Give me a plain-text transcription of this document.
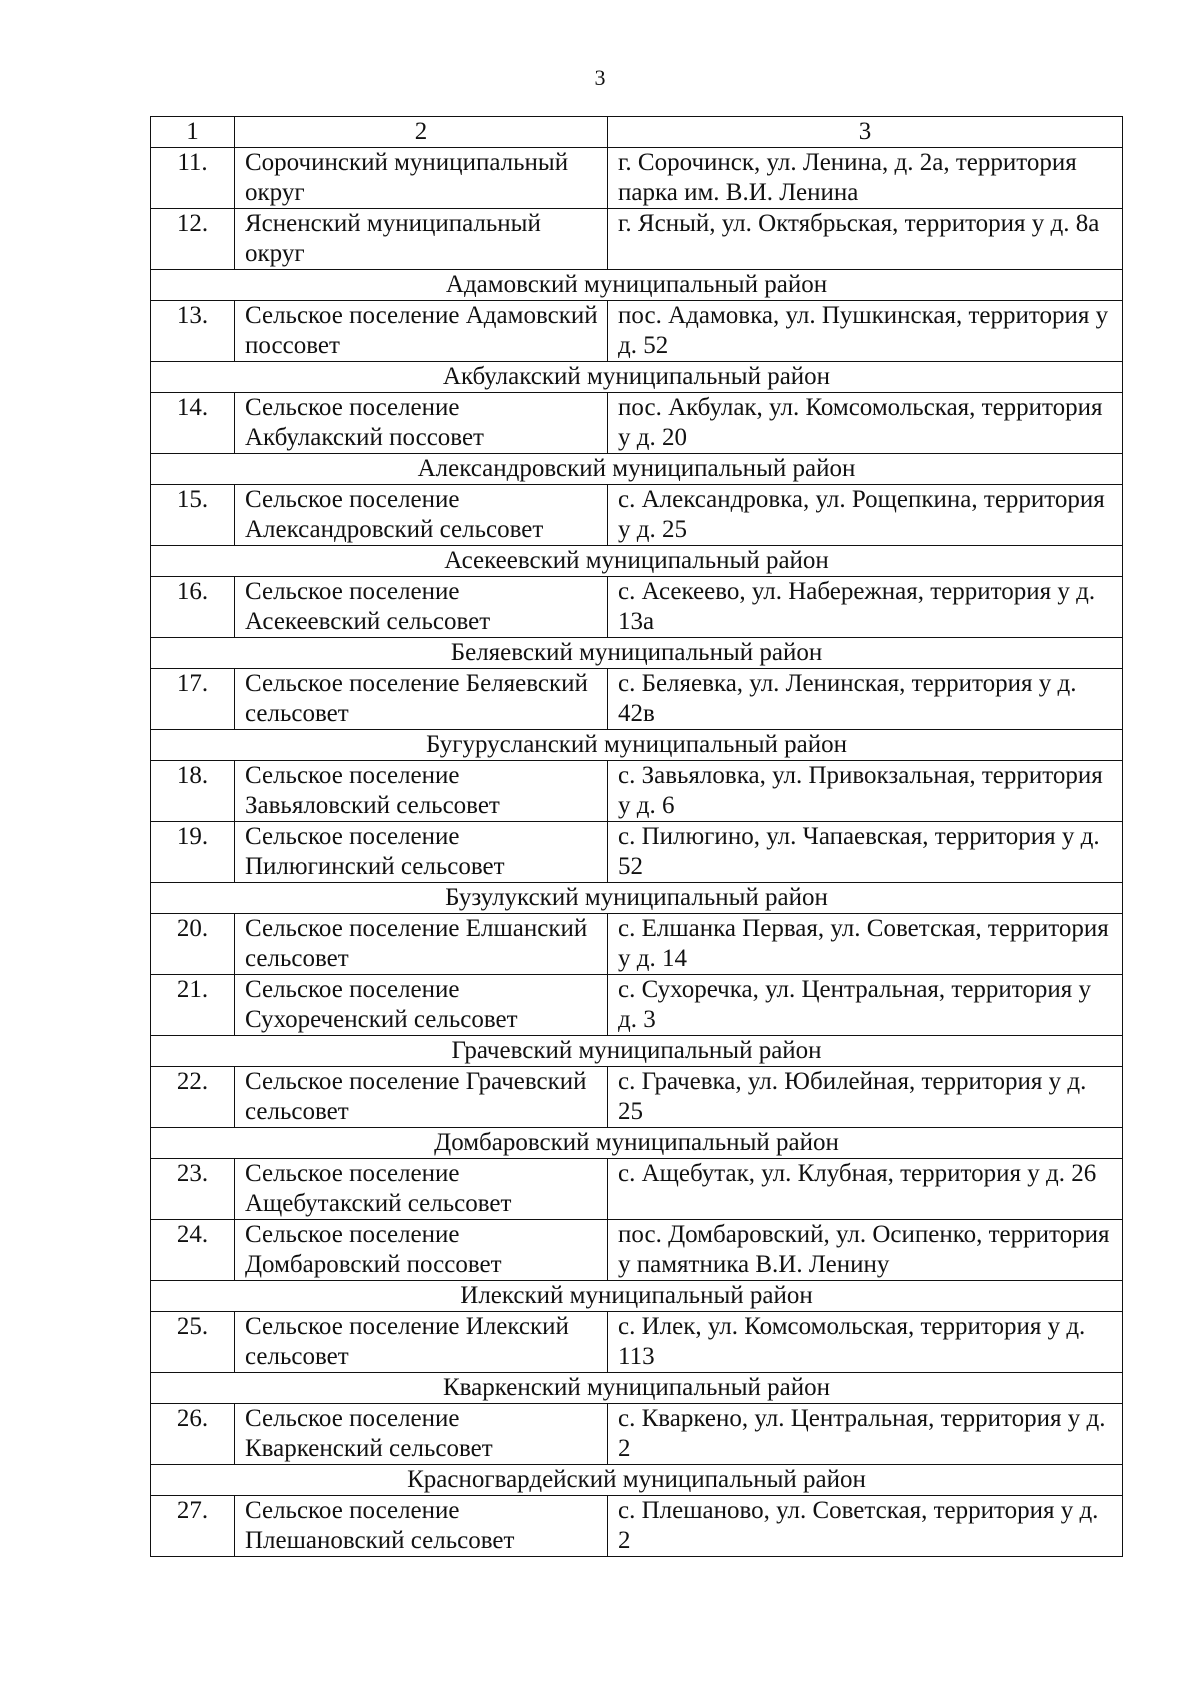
3
1	2	3
11.	Сорочинский муниципальный округ	г. Сорочинск, ул. Ленина, д. 2а, территория парка им. В.И. Ленина
12.	Ясненский муниципальный округ	г. Ясный, ул. Октябрьская, территория у д. 8а
Адамовский муниципальный район		
13.	Сельское поселение Адамовский поссовет	пос. Адамовка, ул. Пушкинская, территория у д. 52
Акбулакский муниципальный район		
14.	Сельское поселение Акбулакский поссовет	пос. Акбулак, ул. Комсомольская, территория у д. 20
Александровский муниципальный район		
15.	Сельское поселение Александровский сельсовет	с. Александровка, ул. Рощепкина, территория у д. 25
Асекеевский муниципальный район		
16.	Сельское поселение Асекеевский сельсовет	с. Асекеево, ул. Набережная, территория у д. 13а
Беляевский муниципальный район		
17.	Сельское поселение Беляевский сельсовет	с. Беляевка, ул. Ленинская, территория у д. 42в
Бугурусланский муниципальный район		
18.	Сельское поселение Завьяловский сельсовет	с. Завьяловка, ул. Привокзальная, территория у д. 6
19.	Сельское поселение Пилюгинский сельсовет	с. Пилюгино, ул. Чапаевская, территория у д. 52
Бузулукский муниципальный район		
20.	Сельское поселение Елшанский сельсовет	с. Елшанка Первая, ул. Советская, территория у д. 14
21.	Сельское поселение Сухореченский сельсовет	с. Сухоречка, ул. Центральная, территория у д. 3
Грачевский муниципальный район		
22.	Сельское поселение Грачевский сельсовет	с. Грачевка, ул. Юбилейная, территория у д. 25
Домбаровский муниципальный район		
23.	Сельское поселение Ащебутакский сельсовет	с. Ащебутак, ул. Клубная, территория у д. 26
24.	Сельское поселение Домбаровский поссовет	пос. Домбаровский, ул. Осипенко, территория у памятника В.И. Ленину
Илекский муниципальный район		
25.	Сельское поселение Илекский сельсовет	с. Илек, ул. Комсомольская, территория у д. 113
Кваркенский муниципальный район		
26.	Сельское поселение Кваркенский сельсовет	с. Кваркено, ул. Центральная, территория у д. 2
Красногвардейский муниципальный район		
27.	Сельское поселение Плешановский сельсовет	с. Плешаново, ул. Советская, территория у д. 2
